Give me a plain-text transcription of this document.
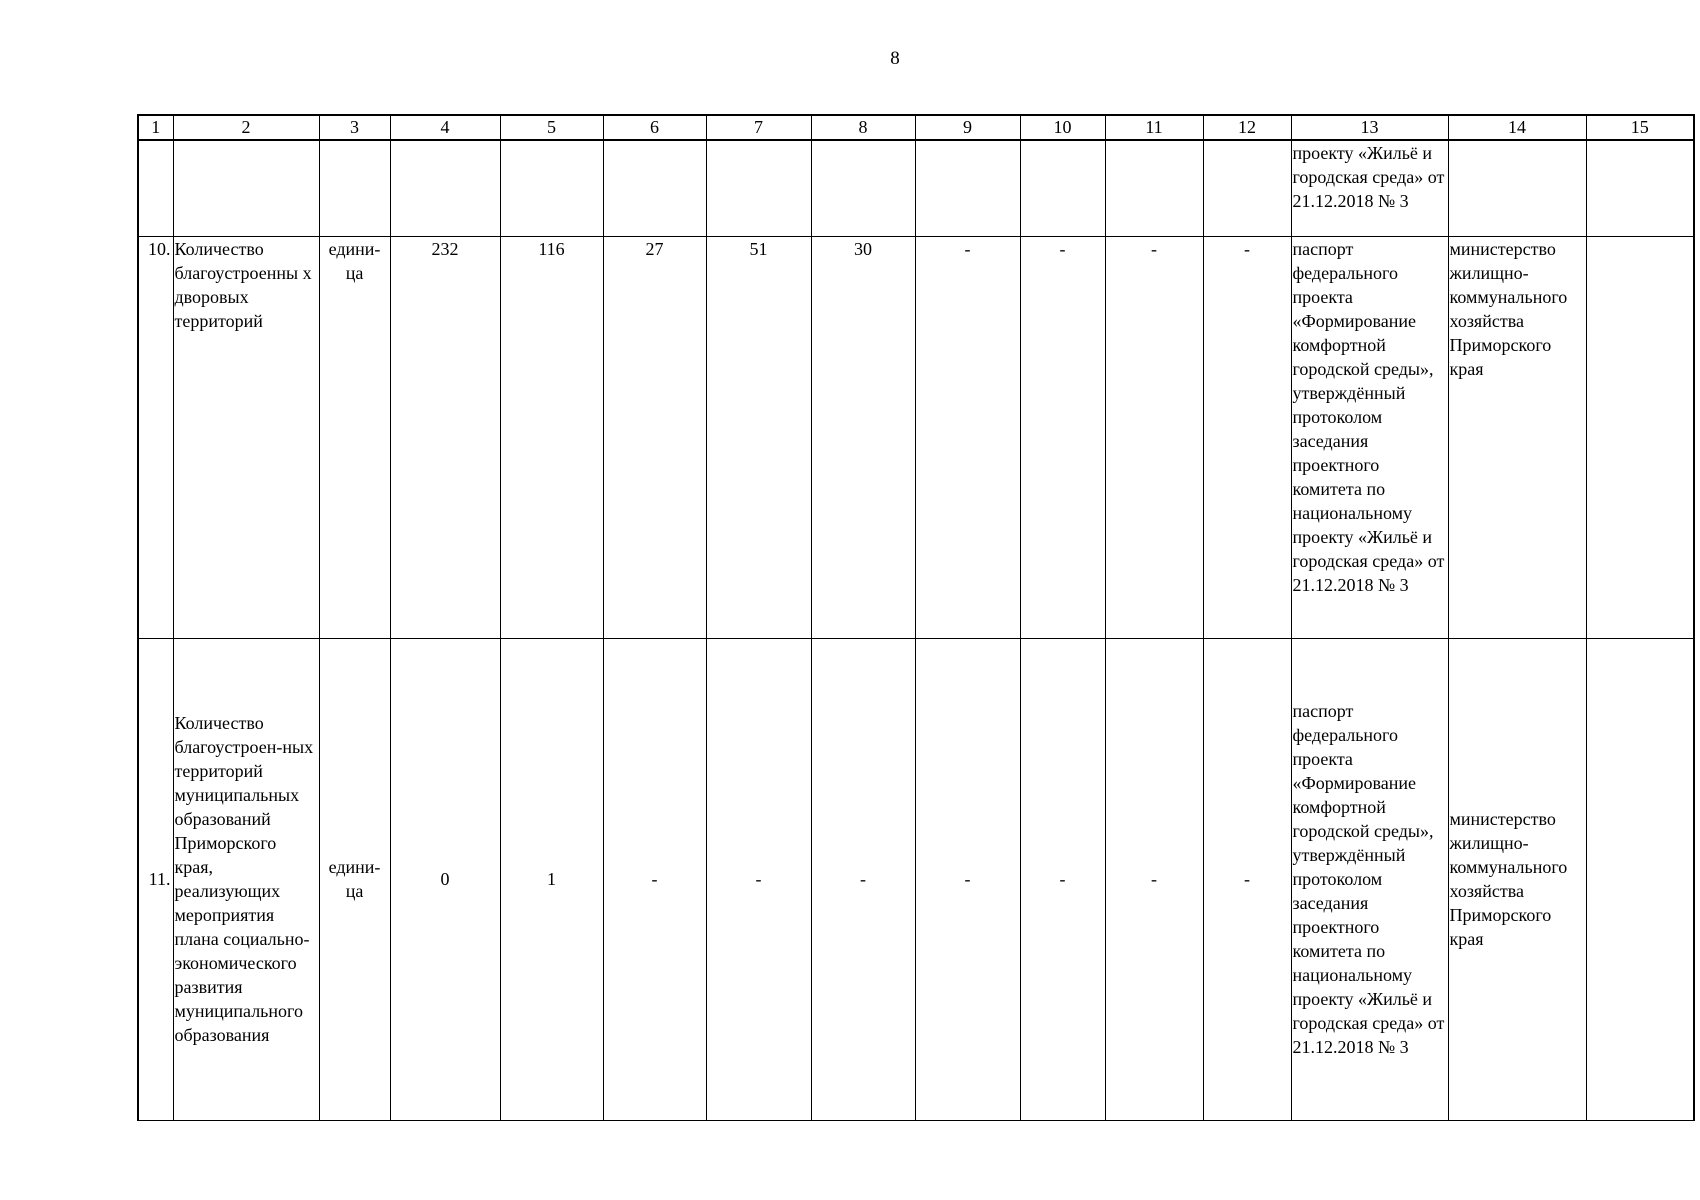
8
1	2	3	4	5	6	7	8	9	10	11	12	13	14	15
												проекту «Жильё и городская среда» от 21.12.2018 № 3		
10.	Количество благоустроенны х дворовых территорий	едини-ца	232	116	27	51	30	-	-	-	-	паспорт федерального проекта «Формирование комфортной городской среды», утверждённый протоколом заседания проектного комитета по национальному проекту «Жильё и городская среда» от 21.12.2018 № 3	министерство жилищно-коммунального хозяйства Приморского края	
11.	Количество благоустроен-ных территорий муниципальных образований Приморского края, реализующих мероприятия плана социально-экономического развития муниципального образования	едини-ца	0	1	-	-	-	-	-	-	-	паспорт федерального проекта «Формирование комфортной городской среды», утверждённый протоколом заседания проектного комитета по национальному проекту «Жильё и городская среда» от 21.12.2018 № 3	министерство жилищно-коммунального хозяйства Приморского края	
